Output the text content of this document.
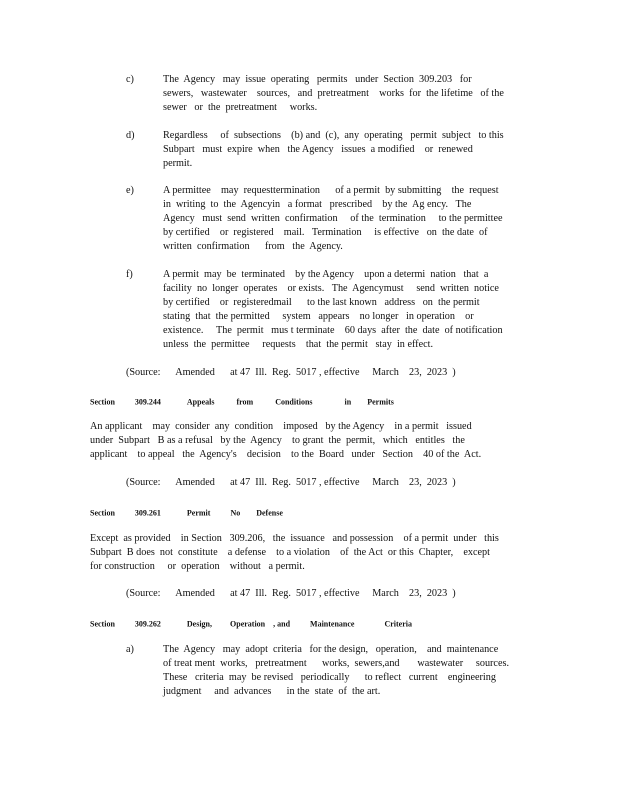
c)	The  Agency   may  issue  operating   permits   under  Section  309.203   for
sewers,   wastewater    sources,   and  pretreatment    works  for  the lifetime   of the
sewer   or  the  pretreatment     works.
d)	Regardless     of  subsections    (b) and  (c),  any  operating   permit  subject   to this
Subpart   must  expire  when   the Agency   issues  a modified    or  renewed
permit.
e)	A permittee    may  requesttermination      of a permit  by submitting    the  request
in  writing  to  the  Agencyin   a format   prescribed    by the  Ag ency.   The
Agency   must  send  written  confirmation     of the  termination     to the permittee
by certified    or  registered    mail.   Termination     is effective   on  the date  of
written  confirmation      from   the  Agency.
f)	A permit  may  be  terminated    by the Agency    upon a determi  nation   that  a
facility  no  longer  operates    or exists.   The  Agencymust     send  written  notice
by certified    or  registeredmail      to the last known   address   on  the permit
stating  that  the permitted     system   appears    no longer   in operation    or
existence.     The  permit   mus t terminate    60 days  after  the  date  of notification
unless  the  permittee     requests    that  the permit   stay  in effect.
(Source:      Amended      at 47  Ill.  Reg.  5017 , effective     March    23,  2023  )
Section	309.244	Appeals	from	Conditions	in Permits
An applicant    may  consider  any  condition    imposed   by the Agency    in a permit   issued
under  Subpart   B as a refusal   by the  Agency    to grant  the  permit,   which   entitles   the
applicant    to appeal   the  Agency's    decision    to the  Board   under   Section    40 of the  Act.
(Source:      Amended      at 47  Ill.  Reg.  5017 , effective     March    23,  2023  )
Section	309.261	Permit	No Defense
Except  as provided    in Section   309.206,   the  issuance   and possession    of a permit  under   this
Subpart  B does  not  constitute    a defense    to a violation    of  the Act  or this  Chapter,    except
for construction     or  operation    without   a permit.
(Source:      Amended      at 47  Ill.  Reg.  5017 , effective     March    23,  2023  )
Section	309.262	Design, Operation , and	Maintenance	Criteria
a)	The  Agency   may  adopt  criteria   for the design,   operation,    and  maintenance
of treat ment  works,   pretreatment      works,  sewers,and       wastewater     sources.
These   criteria  may  be revised   periodically      to reflect   current    engineering
judgment     and  advances      in the  state  of  the art.
